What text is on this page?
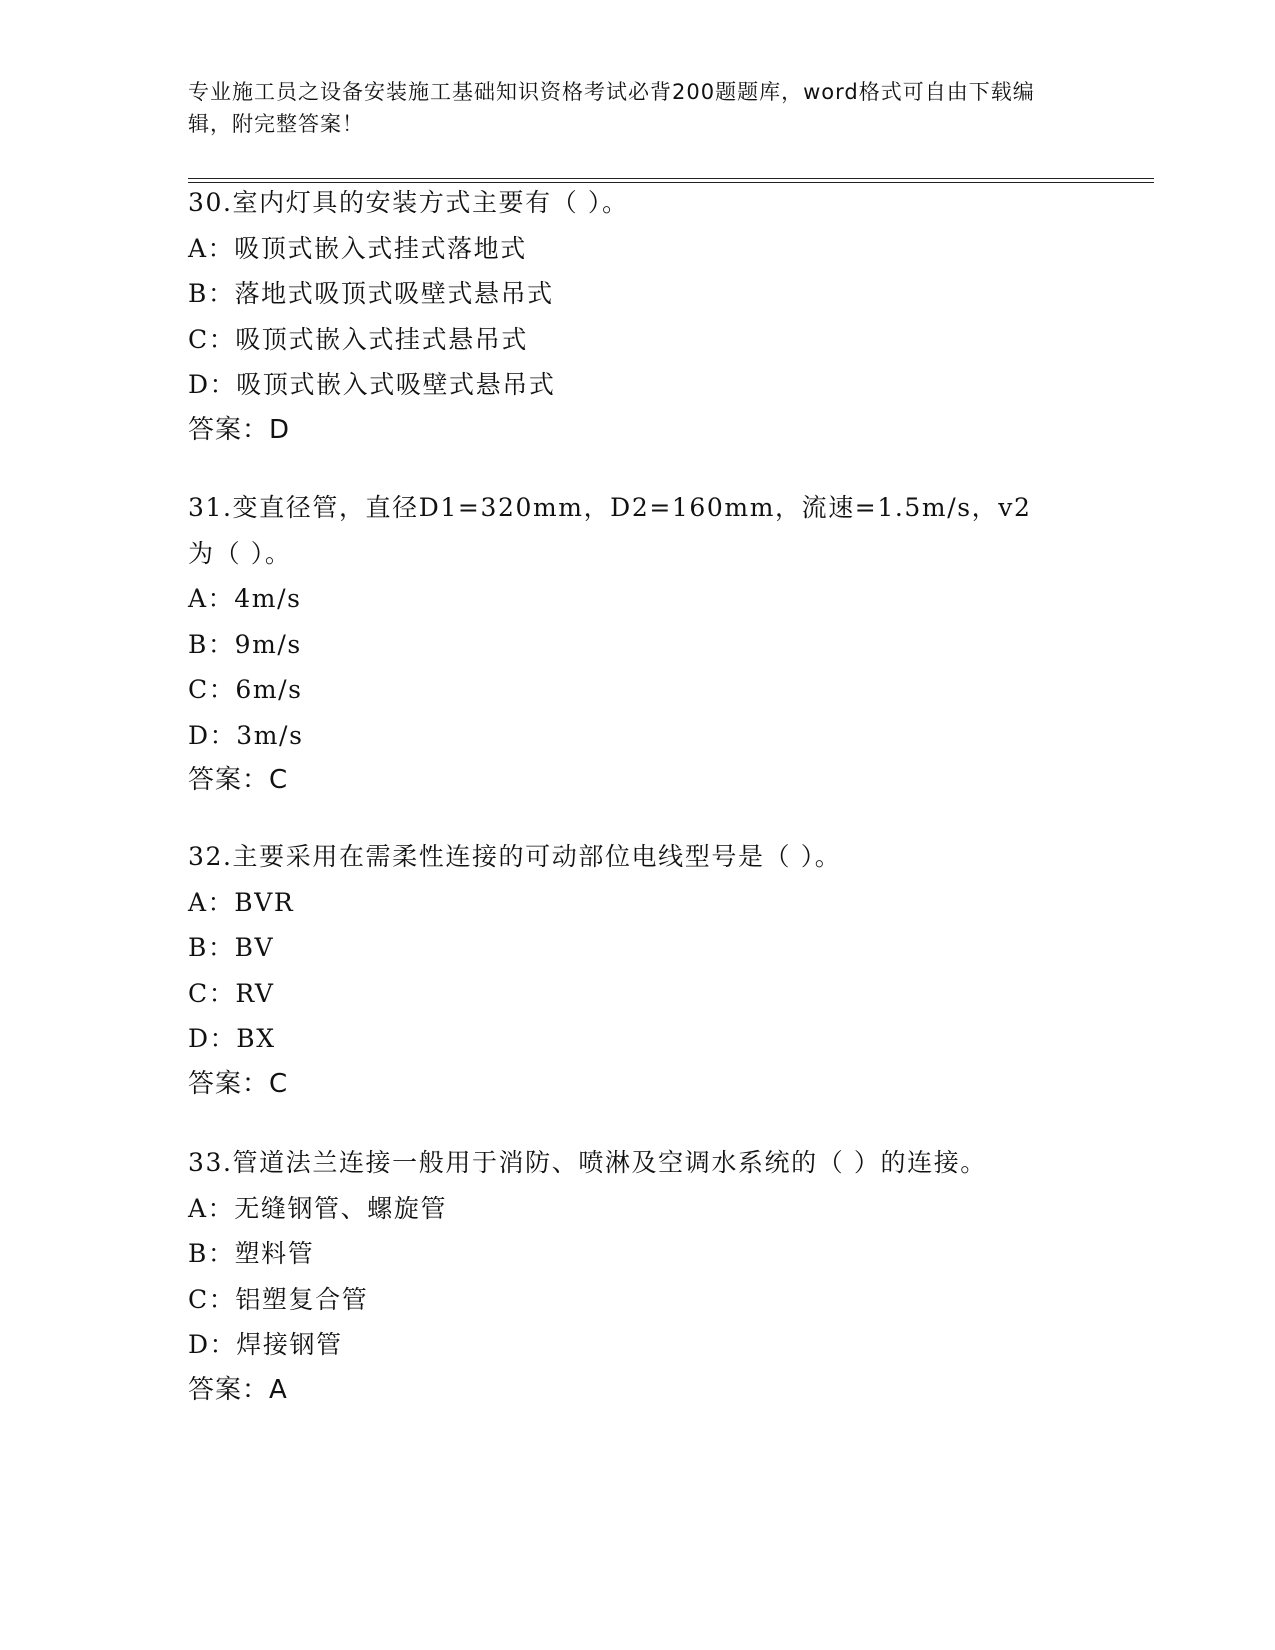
专业施工员之设备安装施工基础知识资格考试必背200题题库，word格式可自由下载编辑，附完整答案！
30.室内灯具的安装方式主要有（ ）。
A：吸顶式嵌入式挂式落地式
B：落地式吸顶式吸壁式悬吊式
C：吸顶式嵌入式挂式悬吊式
D：吸顶式嵌入式吸壁式悬吊式
答案：D
31.变直径管，直径D1=320mm，D2=160mm，流速=1.5m/s，v2为（ ）。
A：4m/s
B：9m/s
C：6m/s
D：3m/s
答案：C
32.主要采用在需柔性连接的可动部位电线型号是（ ）。
A：BVR
B：BV
C：RV
D：BX
答案：C
33.管道法兰连接一般用于消防、喷淋及空调水系统的（ ）的连接。
A：无缝钢管、螺旋管
B：塑料管
C：铝塑复合管
D：焊接钢管
答案：A
